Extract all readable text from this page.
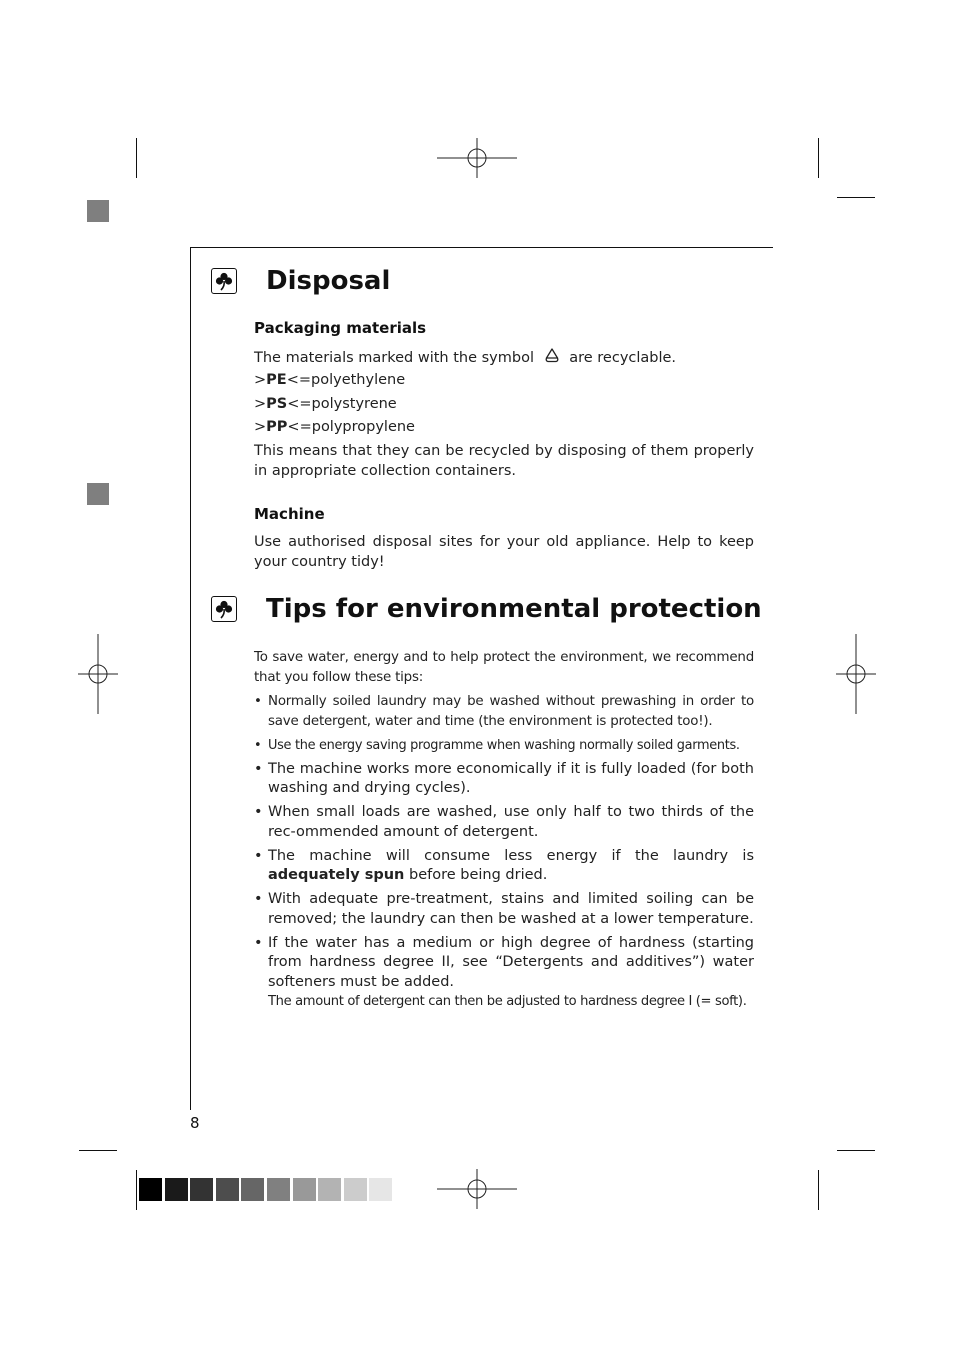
Disposal
Packaging materials
The materials marked with the symbol are recyclable.
>PE<=polyethylene
>PS<=polystyrene
>PP<=polypropylene
This means that they can be recycled by disposing of them properly in appropriate collection containers.
Machine
Use authorised disposal sites for your old appliance. Help to keep your country tidy!
Tips for environmental protection
To save water, energy and to help protect the environment, we recommend that you follow these tips:
• Normally soiled laundry may be washed without prewashing in order to save detergent, water and time (the environment is protected too!).
• Use the energy saving programme when washing normally soiled garments.
• The machine works more economically if it is fully loaded (for both washing and drying cycles).
• When small loads are washed, use only half to two thirds of the rec-ommended amount of detergent.
• The machine will consume less energy if the laundry is adequately spun before being dried.
• With adequate pre-treatment, stains and limited soiling can be removed; the laundry can then be washed at a lower temperature.
• If the water has a medium or high degree of hardness (starting from hardness degree II, see “Detergents and additives”) water softeners must be added.
The amount of detergent can then be adjusted to hardness degree I (= soft).
8
